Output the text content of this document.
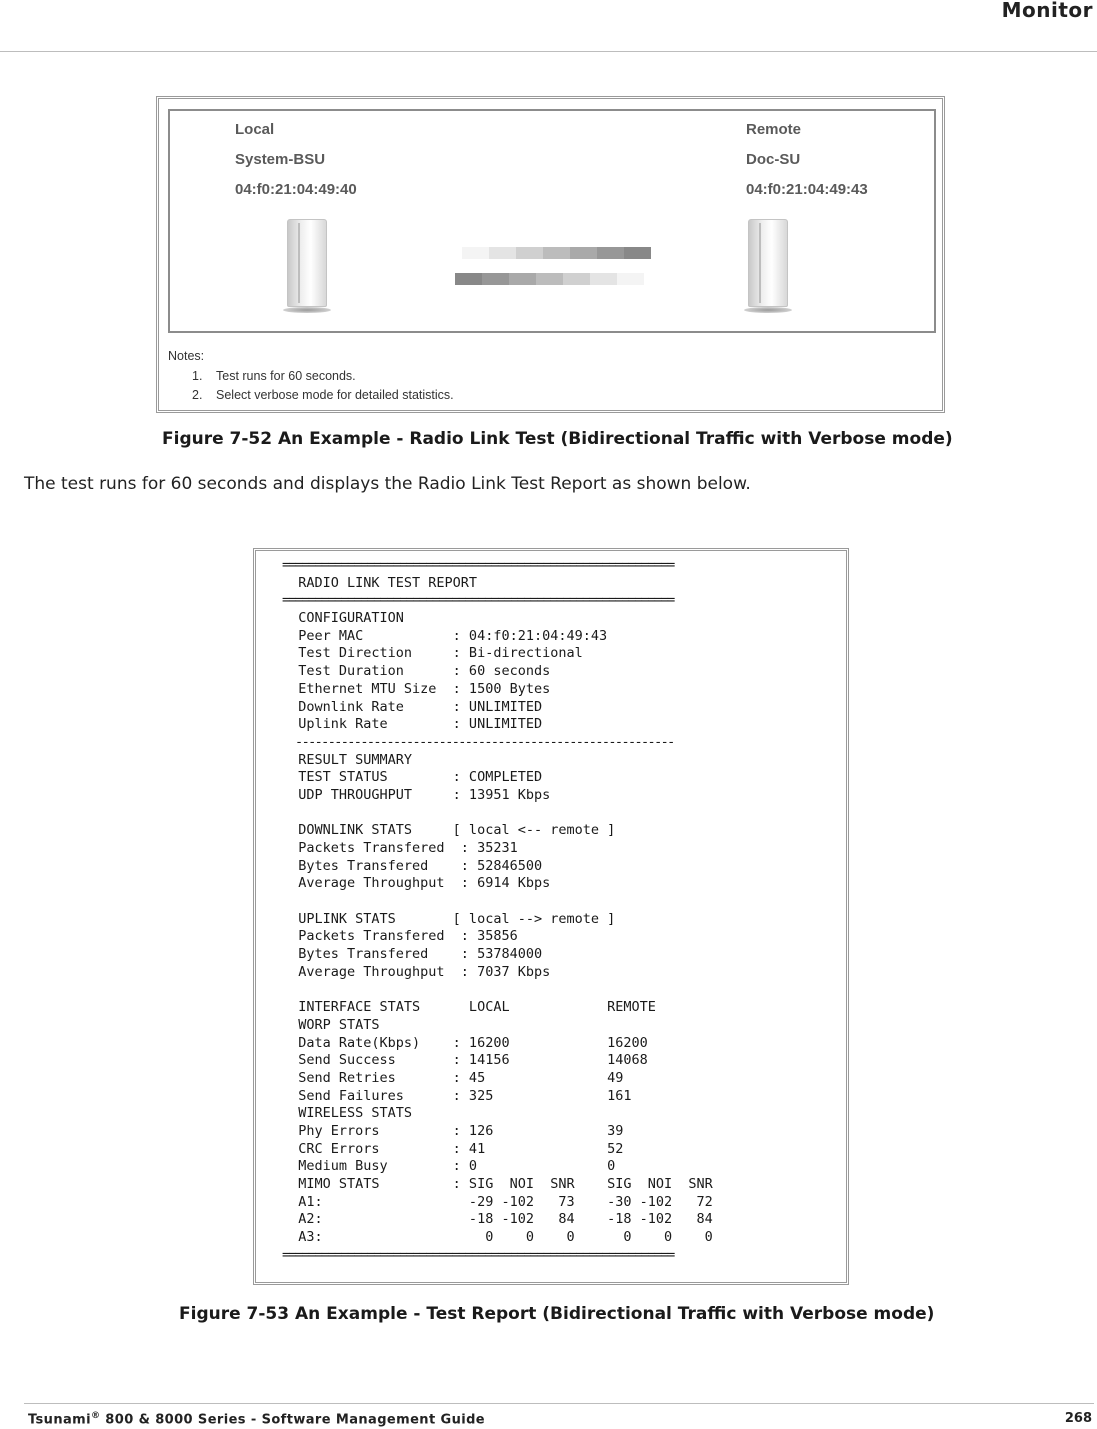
Monitor
Local
System-BSU
04:f0:21:04:49:40
Remote
Doc-SU
04:f0:21:04:49:43
Notes:
1.	Test runs for 60 seconds.
2.	Select verbose mode for detailed statistics.
Figure 7-52 An Example - Radio Link Test (Bidirectional Traffic with Verbose mode)
The test runs for 60 seconds and displays the Radio Link Test Report as shown below.
============================================================
RADIO LINK TEST REPORT
============================================================
CONFIGURATION
Peer MAC           : 04:f0:21:04:49:43
Test Direction     : Bi-directional
Test Duration      : 60 seconds
Ethernet MTU Size  : 1500 Bytes
Downlink Rate      : UNLIMITED
Uplink Rate        : UNLIMITED
----------------------------------------------------------
RESULT SUMMARY
TEST STATUS        : COMPLETED
UDP THROUGHPUT     : 13951 Kbps

DOWNLINK STATS     [ local <-- remote ]
Packets Transfered  : 35231
Bytes Transfered    : 52846500
Average Throughput  : 6914 Kbps

UPLINK STATS       [ local --> remote ]
Packets Transfered  : 35856
Bytes Transfered    : 53784000
Average Throughput  : 7037 Kbps

INTERFACE STATS      LOCAL            REMOTE
WORP STATS
Data Rate(Kbps)    : 16200            16200
Send Success       : 14156            14068
Send Retries       : 45               49
Send Failures      : 325              161
WIRELESS STATS
Phy Errors         : 126              39
CRC Errors         : 41               52
Medium Busy        : 0                0
MIMO STATS         : SIG  NOI  SNR    SIG  NOI  SNR
A1:                  -29 -102   73    -30 -102   72
A2:                  -18 -102   84    -18 -102   84
A3:                    0    0    0      0    0    0
============================================================
Figure 7-53 An Example - Test Report (Bidirectional Traffic with Verbose mode)
Tsunami® 800 & 8000 Series - Software Management Guide	268
